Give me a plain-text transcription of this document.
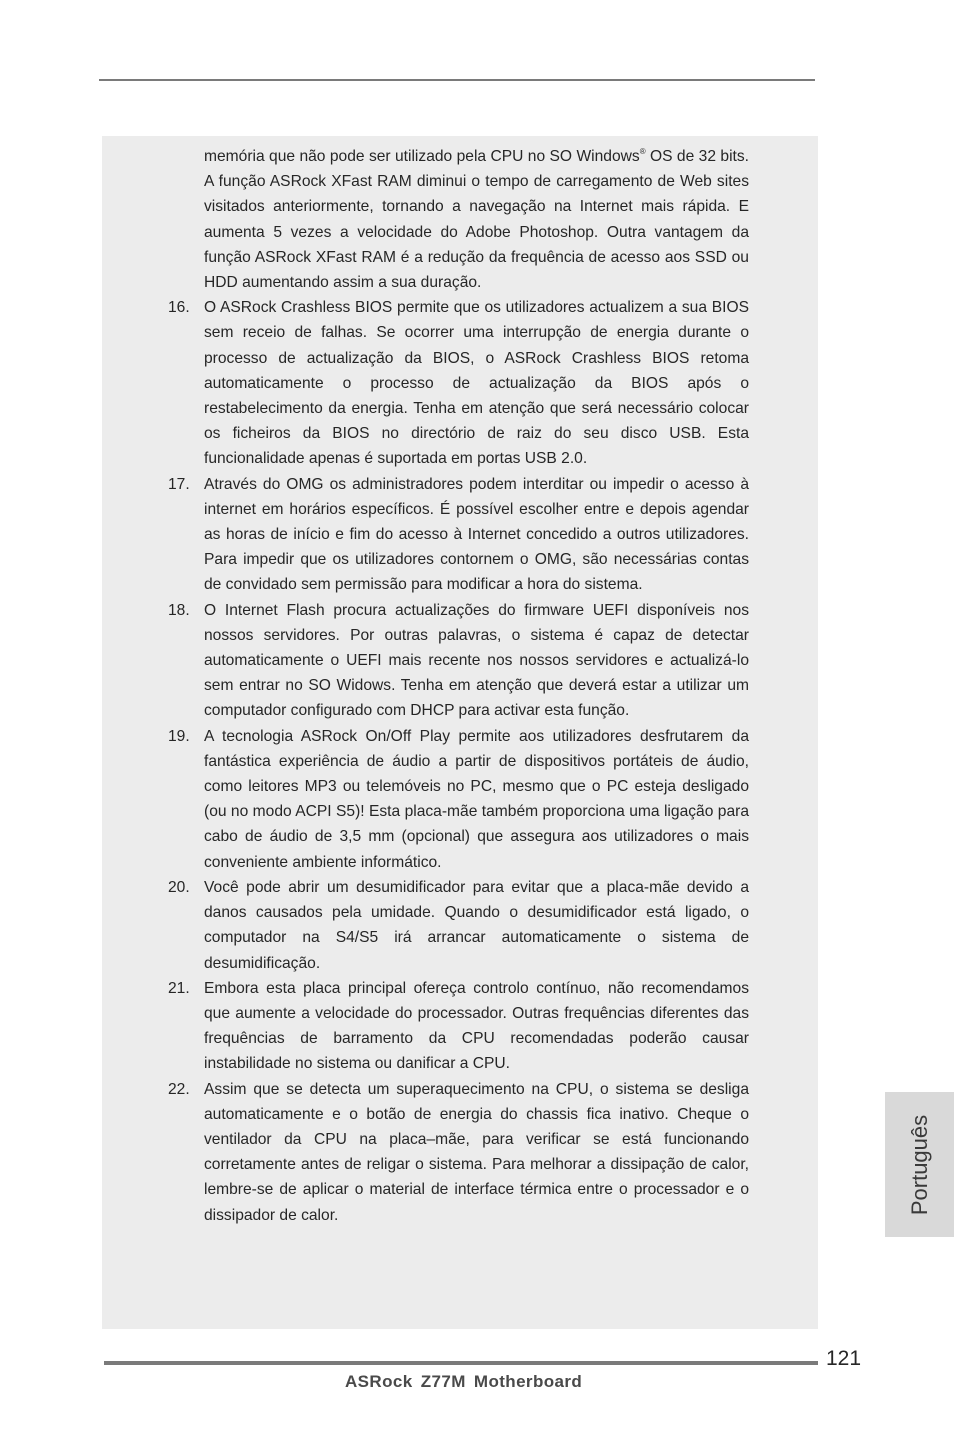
memória que não pode ser utilizado pela CPU no SO Windows® OS de 32 bits. A função ASRock XFast RAM diminui o tempo de carregamento de Web sites visitados anteriormente, tornando a navegação na Internet mais rápida. E aumenta 5 vezes a velocidade do Adobe Photoshop. Outra vantagem da função ASRock XFast RAM é a redução da frequência de acesso aos SSD ou HDD aumentando assim a sua duração.

16. O ASRock Crashless BIOS permite que os utilizadores actualizem a sua BIOS sem receio de falhas. Se ocorrer uma interrupção de energia durante o processo de actualização da BIOS, o ASRock Crashless BIOS retoma automaticamente o processo de actualização da BIOS após o restabelecimento da energia. Tenha em atenção que será necessário colocar os ficheiros da BIOS no directório de raiz do seu disco USB. Esta funcionalidade apenas é suportada em portas USB 2.0.
17. Através do OMG os administradores podem interditar ou impedir o acesso à internet em horários específicos. É possível escolher entre e depois agendar as horas de início e fim do acesso à Internet concedido a outros utilizadores. Para impedir que os utilizadores contornem o OMG, são necessárias contas de convidado sem permissão para modificar a hora do sistema.
18. O Internet Flash procura actualizações do firmware UEFI disponíveis nos nossos servidores. Por outras palavras, o sistema é capaz de detectar automaticamente o UEFI mais recente nos nossos servidores e actualizá-lo sem entrar no SO Widows. Tenha em atenção que deverá estar a utilizar um computador configurado com DHCP para activar esta função.
19. A tecnologia ASRock On/Off Play permite aos utilizadores desfrutarem da fantástica experiência de áudio a partir de dispositivos portáteis de áudio, como leitores MP3 ou telemóveis no PC, mesmo que o PC esteja desligado (ou no modo ACPI S5)! Esta placa-mãe também proporciona uma ligação para cabo de áudio de 3,5 mm (opcional) que assegura aos utilizadores o mais conveniente ambiente informático.
20. Você pode abrir um desumidificador para evitar que a placa-mãe devido a danos causados pela umidade. Quando o desumidificador está ligado, o computador na S4/S5 irá arrancar automaticamente o sistema de desumidificação.
21. Embora esta placa principal ofereça controlo contínuo, não recomendamos que aumente a velocidade do processador. Outras frequências diferentes das frequências de barramento da CPU recomendadas poderão causar instabilidade no sistema ou danificar a CPU.
22. Assim que se detecta um superaquecimento na CPU, o sistema se desliga automaticamente e o botão de energia do chassis fica inativo. Cheque o ventilador da CPU na placa–mãe, para verificar se está funcionando corretamente antes de religar o sistema. Para melhorar a dissipação de calor, lembre-se de aplicar o material de interface térmica entre o processador e o dissipador de calor.
Português
121
ASRock Z77M Motherboard
